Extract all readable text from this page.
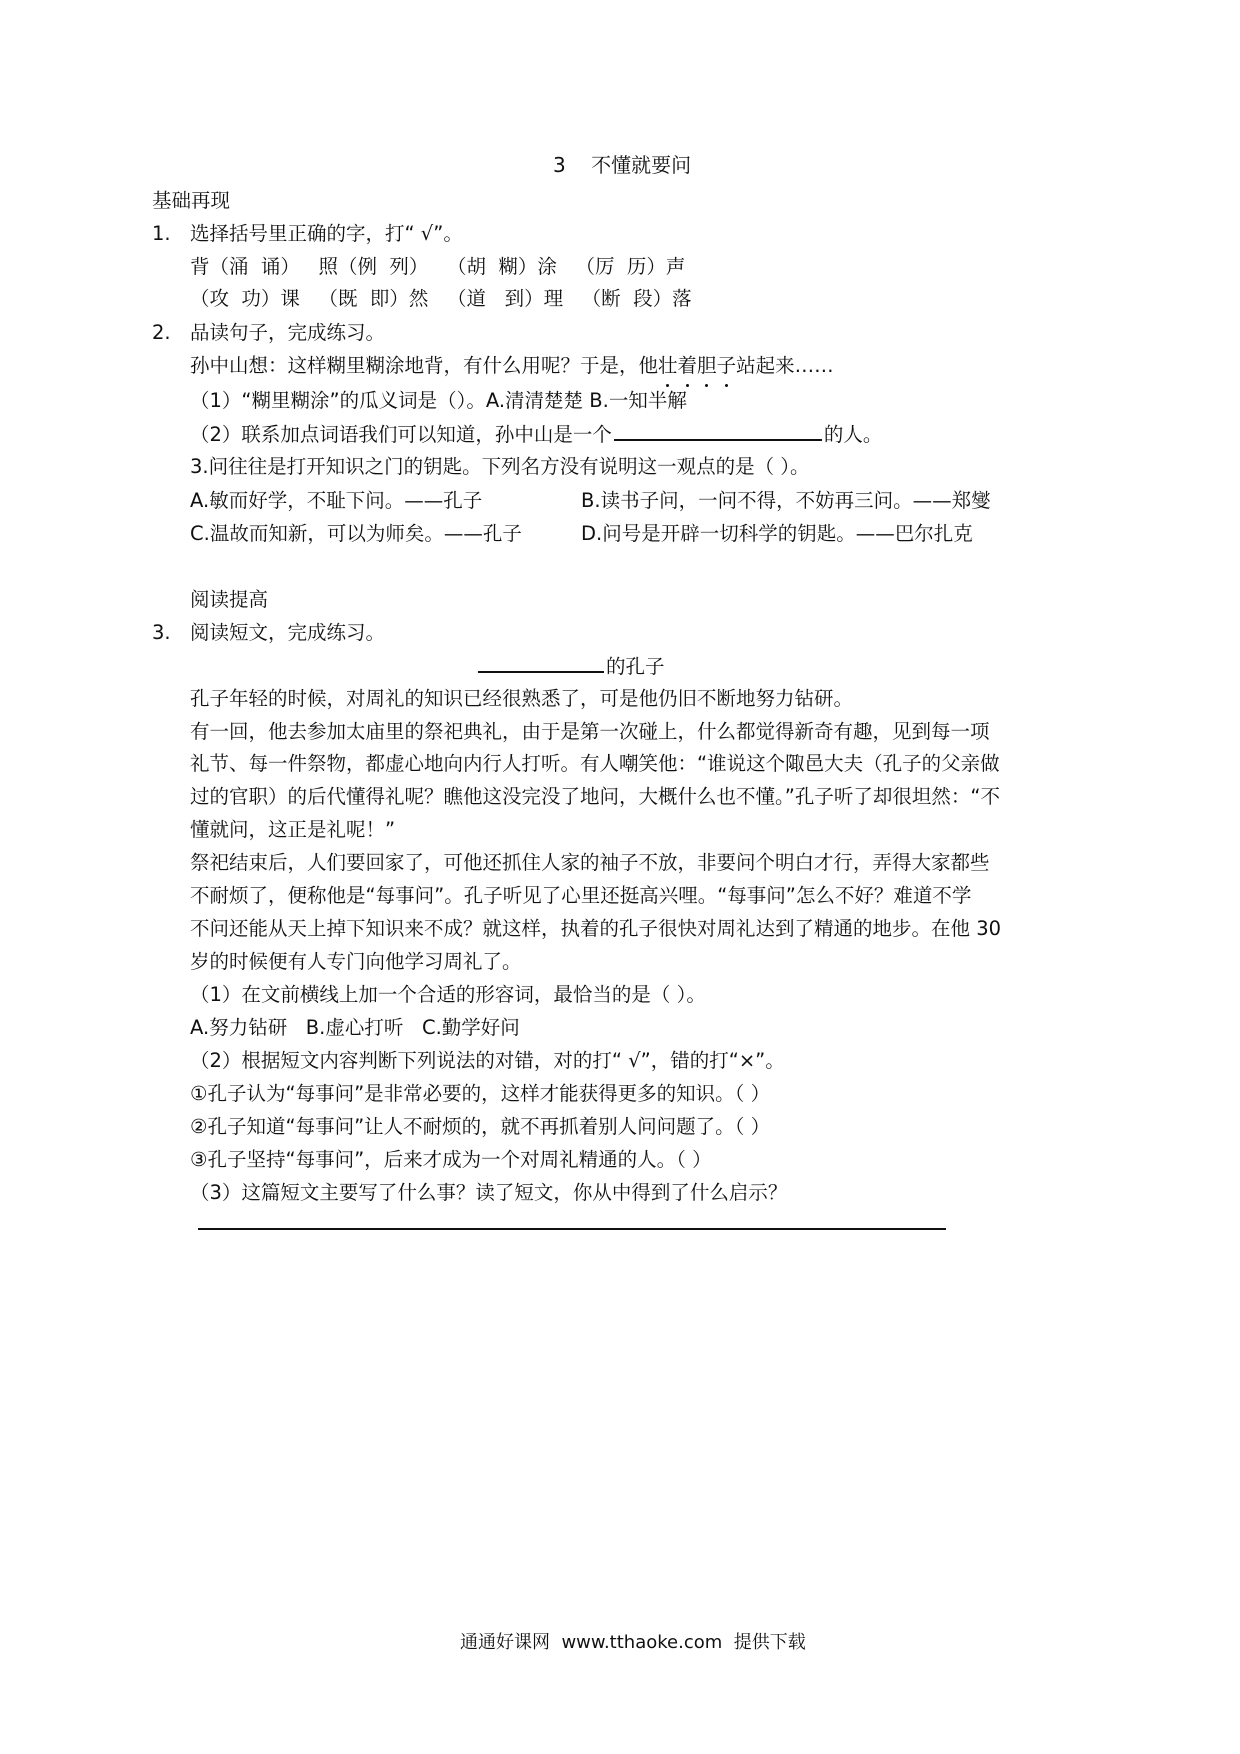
3 不懂就要问
基础再现
1. 选择括号里正确的字，打“ √”。
背（涌  诵）   照（例  列）   （胡  糊）涂   （厉  历）声
（攻  功）课   （既  即）然   （道   到）理   （断  段）落
2. 品读句子，完成练习。
孙中山想：这样糊里糊涂地背，有什么用呢？于是，他壮着胆子站起来……
（1）“糊里糊涂”的瓜义词是（）。A.清清楚楚 B.一知半解
（2）联系加点词语我们可以知道，孙中山是一个	的人。
3.问往往是打开知识之门的钥匙。下列名方没有说明这一观点的是（ ）。
A.敏而好学，不耻下问。——孔子	B.读书子问，一问不得，不妨再三问。——郑燮
C.温故而知新，可以为师矣。——孔子	D.问号是开辟一切科学的钥匙。——巴尔扎克
阅读提高
3. 阅读短文，完成练习。
的孔子
孔子年轻的时候，对周礼的知识已经很熟悉了，可是他仍旧不断地努力钻研。
有一回，他去参加太庙里的祭祀典礼，由于是第一次碰上，什么都觉得新奇有趣，见到每一项
礼节、每一件祭物，都虚心地向内行人打听。有人嘲笑他：“谁说这个陬邑大夫（孔子的父亲做
过的官职）的后代懂得礼呢？瞧他这没完没了地问，大概什么也不懂。”孔子听了却很坦然：“不
懂就问，这正是礼呢！”
祭祀结束后，人们要回家了，可他还抓住人家的袖子不放，非要问个明白才行，弄得大家都些
不耐烦了，便称他是“每事问”。孔子听见了心里还挺高兴哩。“每事问”怎么不好？难道不学
不问还能从天上掉下知识来不成？就这样，执着的孔子很快对周礼达到了精通的地步。在他 30
岁的时候便有人专门向他学习周礼了。
（1）在文前横线上加一个合适的形容词，最恰当的是（ ）。
A.努力钻研   B.虚心打听   C.勤学好问
（2）根据短文内容判断下列说法的对错，对的打“ √”，错的打“×”。
①孔子认为“每事问”是非常必要的，这样才能获得更多的知识。（ ）
②孔子知道“每事问”让人不耐烦的，就不再抓着别人问问题了。（ ）
③孔子坚持“每事问”，后来才成为一个对周礼精通的人。（ ）
（3）这篇短文主要写了什么事？读了短文，你从中得到了什么启示？
通通好课网  www.tthaoke.com  提供下载
